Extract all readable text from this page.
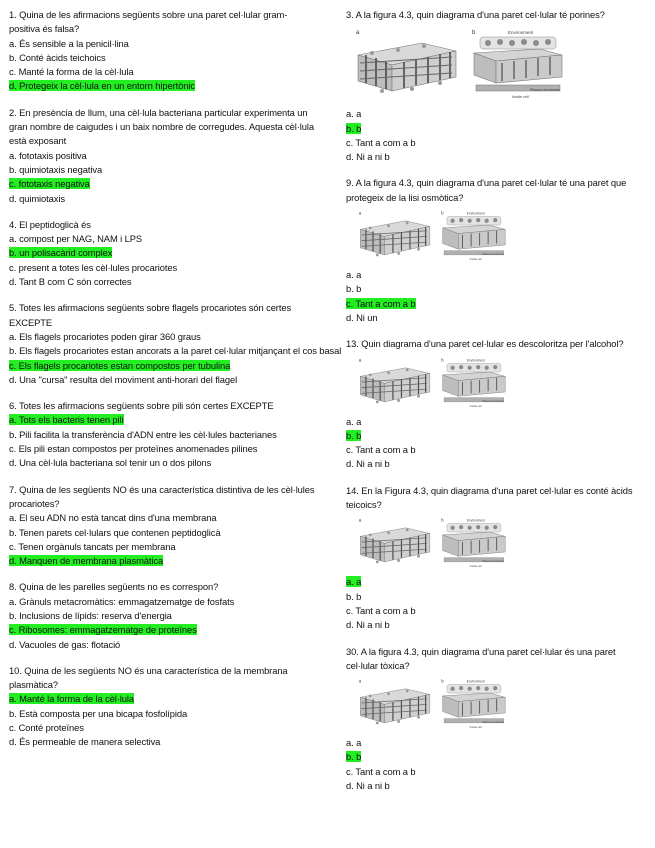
1. Quina de les afirmacions següents sobre una paret cel·lular gram-positiva és falsa?
a. És sensible a la penicil·lina
b. Conté àcids teichoics
c. Manté la forma de la cèl·lula
d. Protegeix la cèl·lula en un entorn hipertònic
2. En presència de llum, una cèl·lula bacteriana particular experimenta un gran nombre de caigudes i un baix nombre de corregudes. Aquesta cèl·lula està exposant
a. fototaxis positiva
b. quimiotaxis negativa
c. fototaxis negativa
d. quimiotaxis
4. El peptidoglicà és
a. compost per NAG, NAM i LPS
b. un polisacàrid complex
c. present a totes les cèl·lules procariotes
d. Tant B com C són correctes
5. Totes les afirmacions següents sobre flagels procariotes són certes EXCEPTE
a. Els flagels procariotes poden girar 360 graus
b. Els flagels procariotes estan ancorats a la paret cel·lular mitjançant el cos basal
c. Els flagels procariotes estan compostos per tubulina
d. Una "cursa" resulta del moviment anti-horari del flagel
6. Totes les afirmacions següents sobre pili són certes EXCEPTE
a. Tots els bacteris tenen pili
b. Pili facilita la transferència d'ADN entre les cèl·lules bacterianes
c. Els pili estan compostos per proteïnes anomenades pilines
d. Una cèl·lula bacteriana sol tenir un o dos pilons
7. Quina de les següents NO és una característica distintiva de les cèl·lules procariotes?
a. El seu ADN no està tancat dins d'una membrana
b. Tenen parets cel·lulars que contenen peptidoglicà
c. Tenen orgànuls tancats per membrana
d. Manquen de membrana plasmàtica
8. Quina de les parelles següents no es correspon?
a. Grànuls metacromàtics: emmagatzematge de fosfats
b. Inclusions de lípids: reserva d'energia
c. Ribosomes: emmagatzematge de proteïnes
d. Vacuoles de gas: flotació
10. Quina de les següents NO és una característica de la membrana plasmàtica?
a. Manté la forma de la cèl·lula
b. Està composta per una bicapa fosfolípida
c. Conté proteïnes
d. És permeable de manera selectiva
3. A la figura 4.3, quin diagrama d'una paret cel·lular té porines?
a	b	Environment
Plasma membrane
Inside cell
a. a
b. b
c. Tant a com a b
d. Ni a ni b
9. A la figura 4.3, quin diagrama d'una paret cel·lular té una paret que protegeix de la lisi osmòtica?
a	b	Environment
Plasma membrane
Inside cell
a. a
b. b
c. Tant a com a b
d. Ni un
13. Quin diagrama d'una paret cel·lular es descoloritza per l'alcohol?
a	b	Environment
Plasma membrane
Inside cell
a. a
b. b
c. Tant a com a b
d. Ni a ni b
14. En la Figura 4.3, quin diagrama d'una paret cel·lular es conté àcids teicoics?
a	b	Environment
Plasma membrane
Inside cell
a. a
b. b
c. Tant a com a b
d. Ni a ni b
30. A la figura 4.3, quin diagrama d'una paret cel·lular és una paret cel·lular tòxica?
a	b	Environment
Plasma membrane
Inside cell
a. a
b. b
c. Tant a com a b
d. Ni a ni b
